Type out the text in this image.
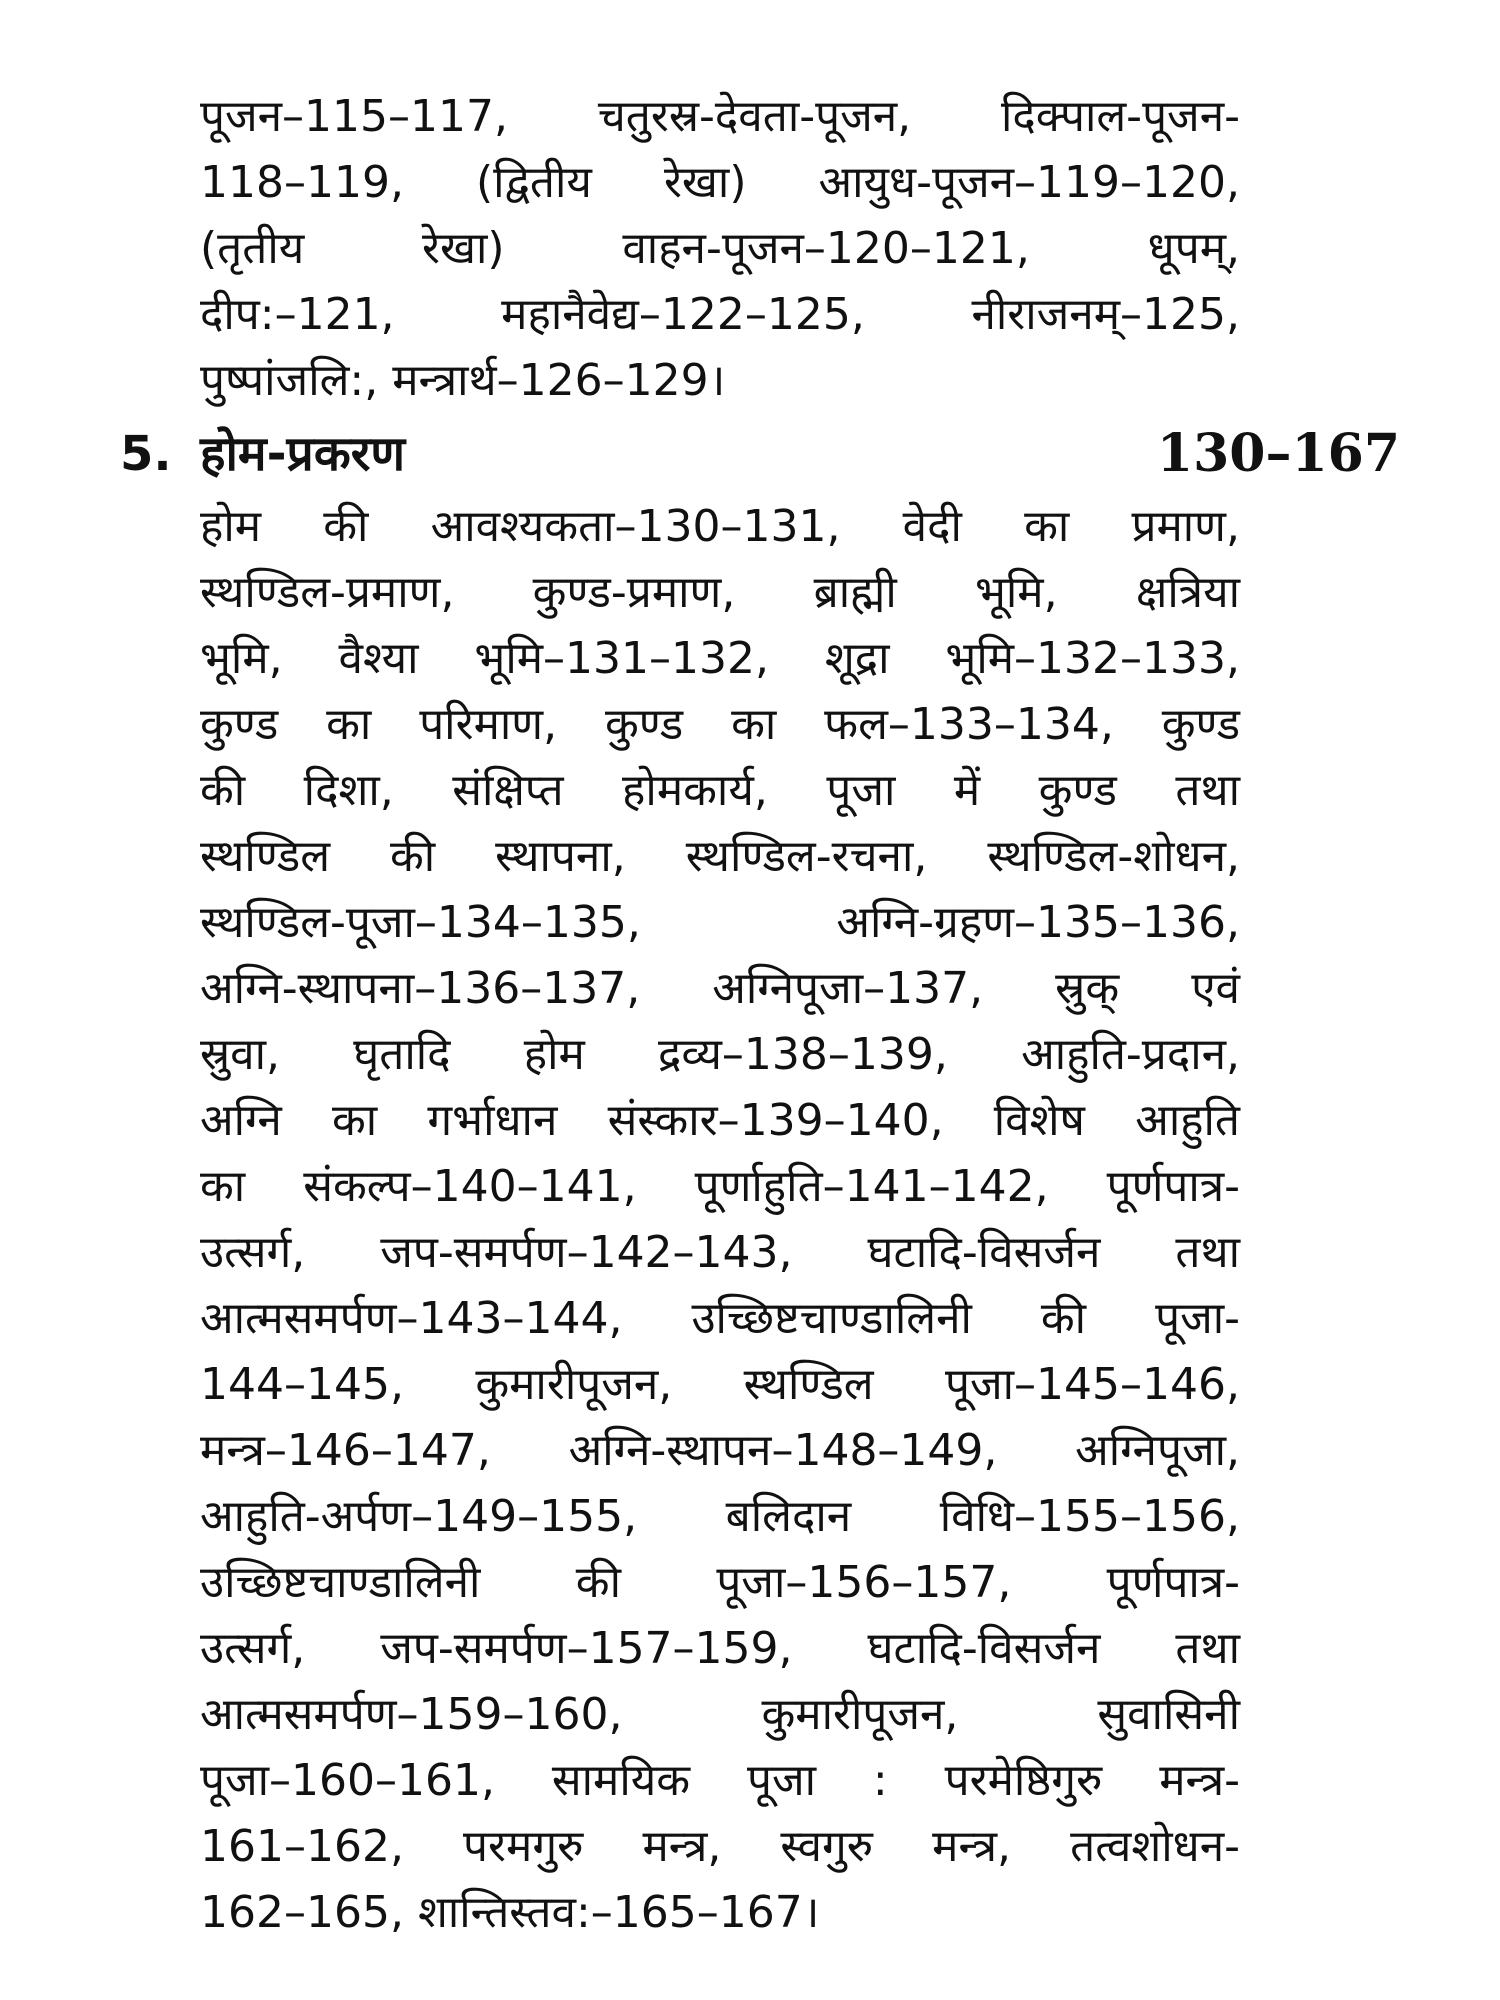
पूजन–115–117, चतुरस्र-देवता-पूजन, दिक्पाल-पूजन-
118–119, (द्वितीय रेखा) आयुध-पूजन–119–120,
(तृतीय रेखा) वाहन-पूजन–120–121, धूपम्,
दीप:–121, महानैवेद्य–122–125, नीराजनम्–125,
पुष्पांजलि:, मन्त्रार्थ–126–129।
5. होम-प्रकरण	130–167
होम की आवश्यकता–130–131, वेदी का प्रमाण,
स्थण्डिल-प्रमाण, कुण्ड-प्रमाण, ब्राह्मी भूमि, क्षत्रिया
भूमि, वैश्या भूमि–131–132, शूद्रा भूमि–132–133,
कुण्ड का परिमाण, कुण्ड का फल–133–134, कुण्ड
की दिशा, संक्षिप्त होमकार्य, पूजा में कुण्ड तथा
स्थण्डिल की स्थापना, स्थण्डिल-रचना, स्थण्डिल-शोधन,
स्थण्डिल-पूजा–134–135, अग्नि-ग्रहण–135–136,
अग्नि-स्थापना–136–137, अग्निपूजा–137, स्रुक् एवं
स्रुवा, घृतादि होम द्रव्य–138–139, आहुति-प्रदान,
अग्नि का गर्भाधान संस्कार–139–140, विशेष आहुति
का संकल्प–140–141, पूर्णाहुति–141–142, पूर्णपात्र-
उत्सर्ग, जप-समर्पण–142–143, घटादि-विसर्जन तथा
आत्मसमर्पण–143–144, उच्छिष्टचाण्डालिनी की पूजा-
144–145, कुमारीपूजन, स्थण्डिल पूजा–145–146,
मन्त्र–146–147, अग्नि-स्थापन–148–149, अग्निपूजा,
आहुति-अर्पण–149–155, बलिदान विधि–155–156,
उच्छिष्टचाण्डालिनी की पूजा–156–157, पूर्णपात्र-
उत्सर्ग, जप-समर्पण–157–159, घटादि-विसर्जन तथा
आत्मसमर्पण–159–160, कुमारीपूजन, सुवासिनी
पूजा–160–161, सामयिक पूजा : परमेष्ठिगुरु मन्त्र-
161–162, परमगुरु मन्त्र, स्वगुरु मन्त्र, तत्वशोधन-
162–165, शान्तिस्तव:–165–167।
